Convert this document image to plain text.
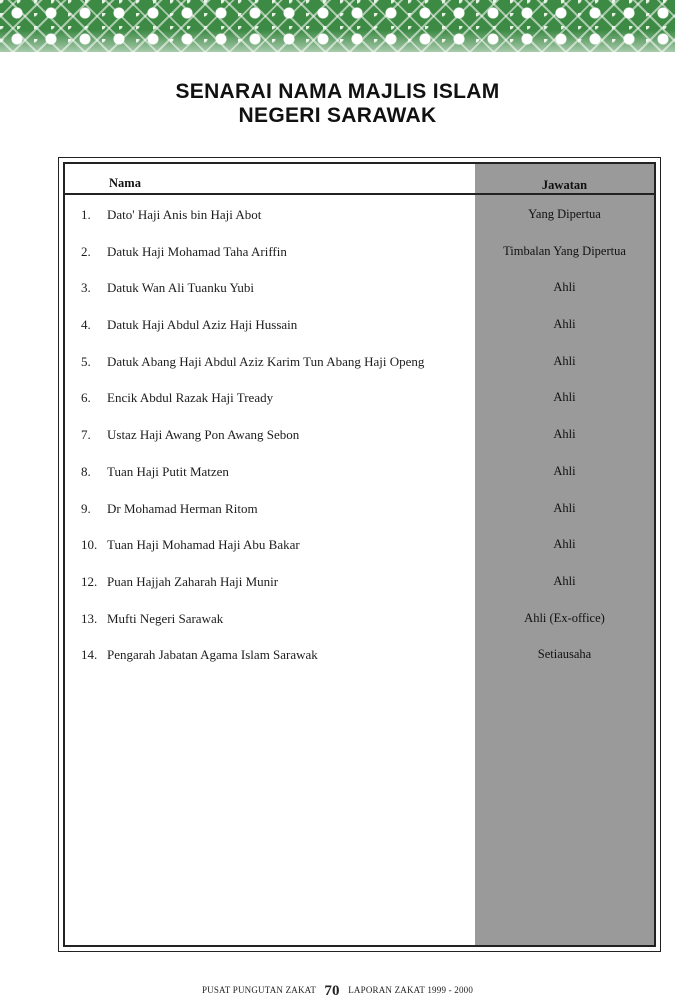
SENARAI NAMA MAJLIS ISLAM
NEGERI SARAWAK
Nama	Jawatan
1. Dato' Haji Anis bin Haji Abot	Yang Dipertua
2. Datuk Haji Mohamad Taha Ariffin	Timbalan Yang Dipertua
3. Datuk Wan Ali Tuanku Yubi	Ahli
4. Datuk Haji Abdul Aziz Haji Hussain	Ahli
5. Datuk Abang Haji Abdul Aziz Karim Tun Abang Haji Openg	Ahli
6. Encik Abdul Razak Haji Tready	Ahli
7. Ustaz Haji Awang Pon Awang Sebon	Ahli
8. Tuan Haji Putit Matzen	Ahli
9. Dr Mohamad Herman Ritom	Ahli
10. Tuan Haji Mohamad Haji Abu Bakar	Ahli
12. Puan Hajjah Zaharah Haji Munir	Ahli
13. Mufti Negeri Sarawak	Ahli (Ex-office)
14. Pengarah Jabatan Agama Islam Sarawak	Setiausaha
PUSAT PUNGUTAN ZAKAT 70 LAPORAN ZAKAT 1999 - 2000
